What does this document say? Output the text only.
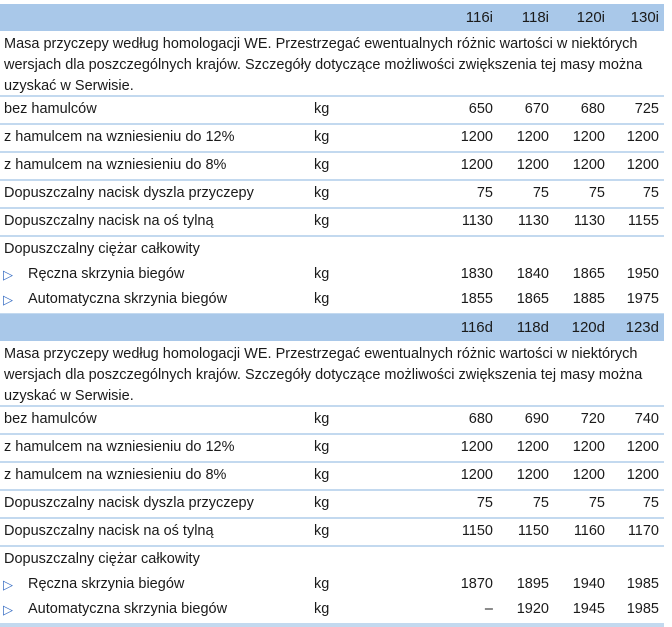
116i	118i	120i	130i
Masa przyczepy według homologacji WE. Przestrzegać ewentualnych różnic wartości w niektórych wersjach dla poszczególnych krajów. Szczegóły dotyczące możliwości zwiększenia tej masy można uzyskać w Serwisie.
bez hamulców	kg	650	670	680	725
z hamulcem na wzniesieniu do 12%	kg	1200	1200	1200	1200
z hamulcem na wzniesieniu do 8%	kg	1200	1200	1200	1200
Dopuszczalny nacisk dyszla przyczepy	kg	75	75	75	75
Dopuszczalny nacisk na oś tylną	kg	1130	1130	1130	1155
Dopuszczalny ciężar całkowity
▷ Ręczna skrzynia biegów	kg	1830	1840	1865	1950
▷ Automatyczna skrzynia biegów	kg	1855	1865	1885	1975
116d	118d	120d	123d
Masa przyczepy według homologacji WE. Przestrzegać ewentualnych różnic wartości w niektórych wersjach dla poszczególnych krajów. Szczegóły dotyczące możliwości zwiększenia tej masy można uzyskać w Serwisie.
bez hamulców	kg	680	690	720	740
z hamulcem na wzniesieniu do 12%	kg	1200	1200	1200	1200
z hamulcem na wzniesieniu do 8%	kg	1200	1200	1200	1200
Dopuszczalny nacisk dyszla przyczepy	kg	75	75	75	75
Dopuszczalny nacisk na oś tylną	kg	1150	1150	1160	1170
Dopuszczalny ciężar całkowity
▷ Ręczna skrzynia biegów	kg	1870	1895	1940	1985
▷ Automatyczna skrzynia biegów	kg	–	1920	1945	1985
